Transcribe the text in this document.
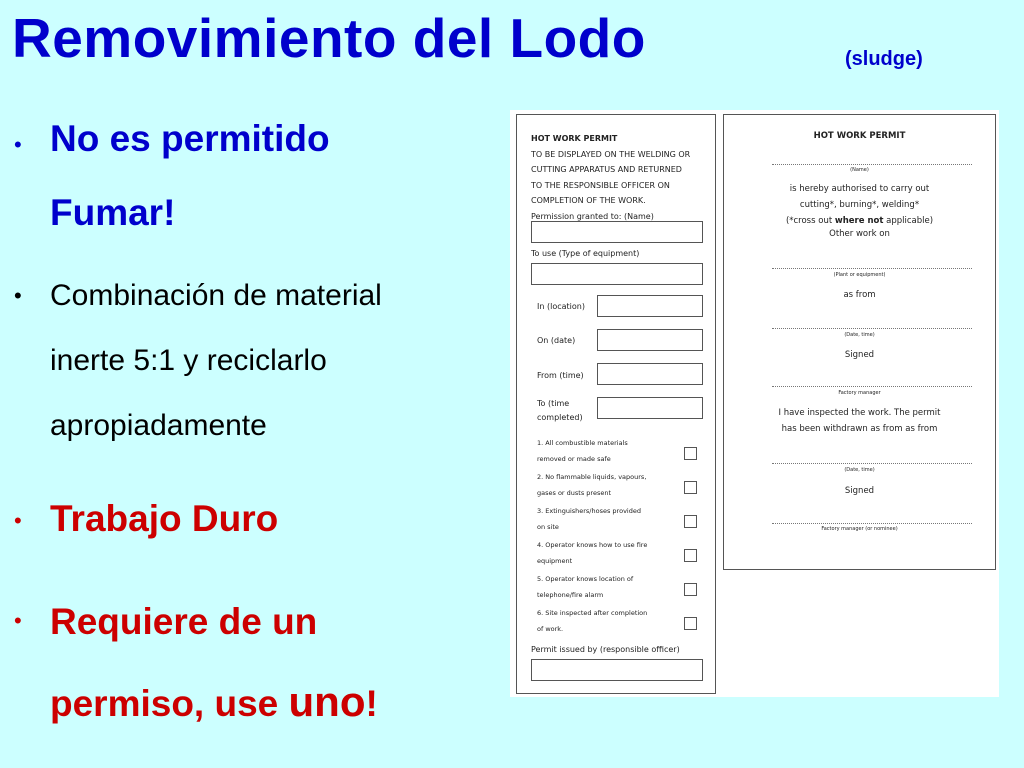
Removimiento del Lodo	(sludge)
• No es permitido
Fumar!
• Combinación de material
inerte 5:1 y reciclarlo
apropiadamente
• Trabajo Duro
• Requiere de un
permiso, use uno!
HOT WORK PERMIT
TO BE DISPLAYED ON THE WELDING OR
CUTTING APPARATUS AND RETURNED
TO THE RESPONSIBLE OFFICER ON
COMPLETION OF THE WORK.
Permission granted to: (Name)
To use (Type of equipment)
In (location)
On (date)
From (time)
To (time
completed)
1. All combustible materials
removed or made safe
2. No flammable liquids, vapours,
gases or dusts present
3. Extinguishers/hoses provided
on site
4. Operator knows how to use fire
equipment
5. Operator knows location of
telephone/fire alarm
6. Site inspected after completion
of work.
Permit issued by (responsible officer)
HOT WORK PERMIT
(Name)
is hereby authorised to carry out
cutting*, burning*, welding*
(*cross out where not applicable)
Other work on
(Plant or equipment)
as from
(Date, time)
Signed
Factory manager
I have inspected the work. The permit
has been withdrawn as from as from
(Date, time)
Signed
Factory manager (or nominee)
